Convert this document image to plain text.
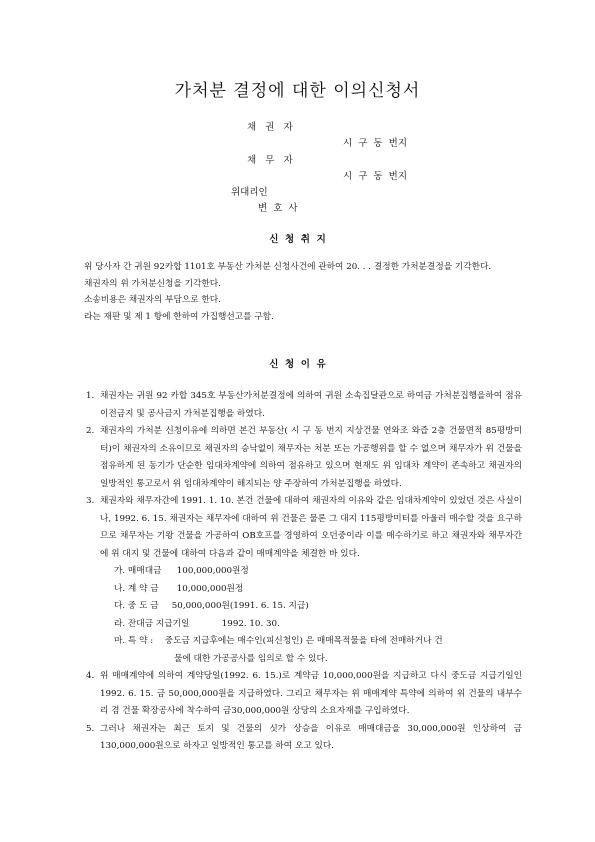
가처분 결정에 대한 이의신청서
채   권   자
시  구  동  번지
채   무   자
시  구  동  번지
위대리인
변  호  사
신  청  취  지

위 당사자 간 귀원 92카합 1101호 부동산 가처분 신청사건에 관하여 20. . . 결정한 가처분결정을 기각한다.

채권자의 위 가처분신청을 기각한다.

소송비용은 채권자의 부담으로 한다.

라는 재판 및 제 1 항에 한하여 가집행선고를 구함.

신  청  이  유
1. 채권자는 귀원 92 카합 345호 부동산가처분결정에 의하여 귀원 소속집달관으로 하여금 가처분집행을하여 점유이전금지 및 공사금지 가처분집행을 하였다.
2. 채권자의 가처분 신청이유에 의하면 본건 부동산( 시 구 동 번지 지상건물 연와조 와즙 2층 건물면적 85평방미터)이 채권자의 소유이므로 채권자의 승낙없이 채무자는 처분 또는 가공행위를 할 수 없으며 채무자가 위 건물을 점유하게 된 동기가 단순한 임대차계약에 의하여 점유하고 있으며 현재도 위 임대차 계약이 존속하고 채권자의 일방적인 통고로서 위 임대차계약이 해지되는 양 주장하여 가처분집행을 하였다.
3. 채권자와 채무자간에 1991. 1. 10. 본건 건물에 대하여 채권자의 이유와 같은 임대차계약이 있었던 것은 사실이나, 1992. 6. 15. 채권자는 채무자에 대하여 위 건물은 물론 그 대지 115평방미터를 아울러 매수할 것을 요구하므로 채무자는 기왕 건물을 가공하여 OB호프를 경영하여 오던중이라 이를 매수하기로 하고 채권자와 채무자간에 위 대지 및 건물에 대하여 다음과 같이 매매계약을 체결한 바 있다.
가. 매매대금 100,000,000원정
나. 계 약 금 10,000,000원정
다. 중 도 금 50,000,000원(1991. 6. 15. 지급)
라. 잔대금 지급기일	1992. 10. 30.
마. 특 약 : 중도금 지급후에는 매수인(피신청인) 은 매매목적물을 타에 전매하거나 건
물에 대한 가공공사를 임의로 할 수 있다.
4. 위 매매계약에 의하여 계약당일(1992. 6. 15.)로 계약금 10,000,000원을 지급하고 다시 중도금 지급기일인 1992. 6. 15. 금 50,000,000원을 지급하였다. 그리고 채무자는 위 매매계약 특약에 의하여 위 건물의 내부수리 겸 건물 확장공사에 착수하여 금30,000,000원 상당의 소요자재를 구입하였다.
5. 그러나 채권자는 최근 토지 및 건물의 싯가 상승을 이유로 매매대금을 30,000,000원 인상하여 금 130,000,000원으로 하자고 일방적인 통고를 하여 오고 있다.
